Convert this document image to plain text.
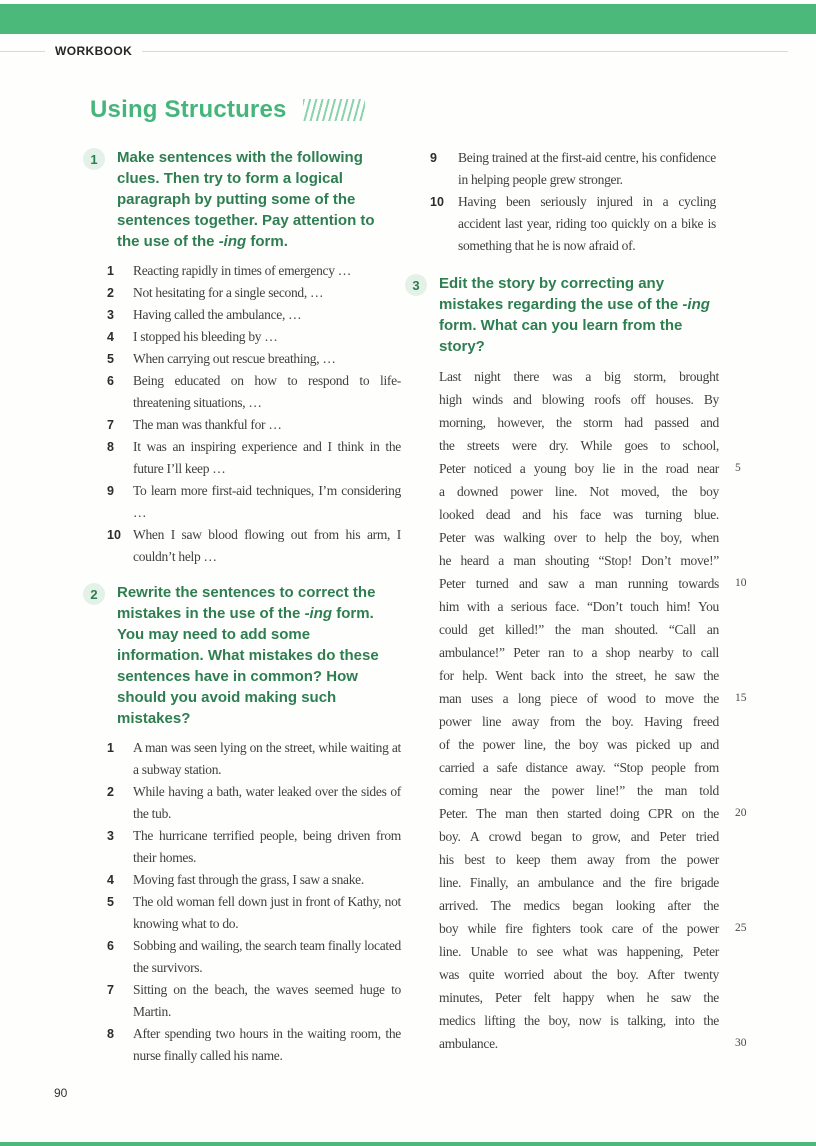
WORKBOOK
Using Structures
1	Make sentences with the following clues. Then try to form a logical paragraph by putting some of the sentences together. Pay attention to the use of the -ing form.
1	Reacting rapidly in times of emergency …
2	Not hesitating for a single second, …
3	Having called the ambulance, …
4	I stopped his bleeding by …
5	When carrying out rescue breathing, …
6	Being educated on how to respond to life-threatening situations, …
7	The man was thankful for …
8	It was an inspiring experience and I think in the future I’ll keep …
9	To learn more first-aid techniques, I’m considering …
10 When I saw blood flowing out from his arm, I couldn’t help …
2	Rewrite the sentences to correct the mistakes in the use of the -ing form. You may need to add some information. What mistakes do these sentences have in common? How should you avoid making such mistakes?
1	A man was seen lying on the street, while waiting at a subway station.
2	While having a bath, water leaked over the sides of the tub.
3	The hurricane terrified people, being driven from their homes.
4	Moving fast through the grass, I saw a snake.
5	The old woman fell down just in front of Kathy, not knowing what to do.
6	Sobbing and wailing, the search team finally located the survivors.
7	Sitting on the beach, the waves seemed huge to Martin.
8	After spending two hours in the waiting room, the nurse finally called his name.
9	Being trained at the first-aid centre, his confidence in helping people grew stronger.
10	Having been seriously injured in a cycling accident last year, riding too quickly on a bike is something that he is now afraid of.
3	Edit the story by correcting any mistakes regarding the use of the -ing form. What can you learn from the story?
Last night there was a big storm, brought
high winds and blowing roofs off houses. By
morning, however, the storm had passed and
the streets were dry. While goes to school,
Peter noticed a young boy lie in the road near 5
a downed power line. Not moved, the boy
looked dead and his face was turning blue.
Peter was walking over to help the boy, when
he heard a man shouting “Stop! Don’t move!”
Peter turned and saw a man running towards 10
him with a serious face. “Don’t touch him! You
could get killed!” the man shouted. “Call an
ambulance!” Peter ran to a shop nearby to call
for help. Went back into the street, he saw the
man uses a long piece of wood to move the 15
power line away from the boy. Having freed
of the power line, the boy was picked up and
carried a safe distance away. “Stop people from
coming near the power line!” the man told
Peter. The man then started doing CPR on the 20
boy. A crowd began to grow, and Peter tried
his best to keep them away from the power
line. Finally, an ambulance and the fire brigade
arrived. The medics began looking after the
boy while fire fighters took care of the power 25
line. Unable to see what was happening, Peter
was quite worried about the boy. After twenty
minutes, Peter felt happy when he saw the
medics lifting the boy, now is talking, into the
ambulance.	30
90
